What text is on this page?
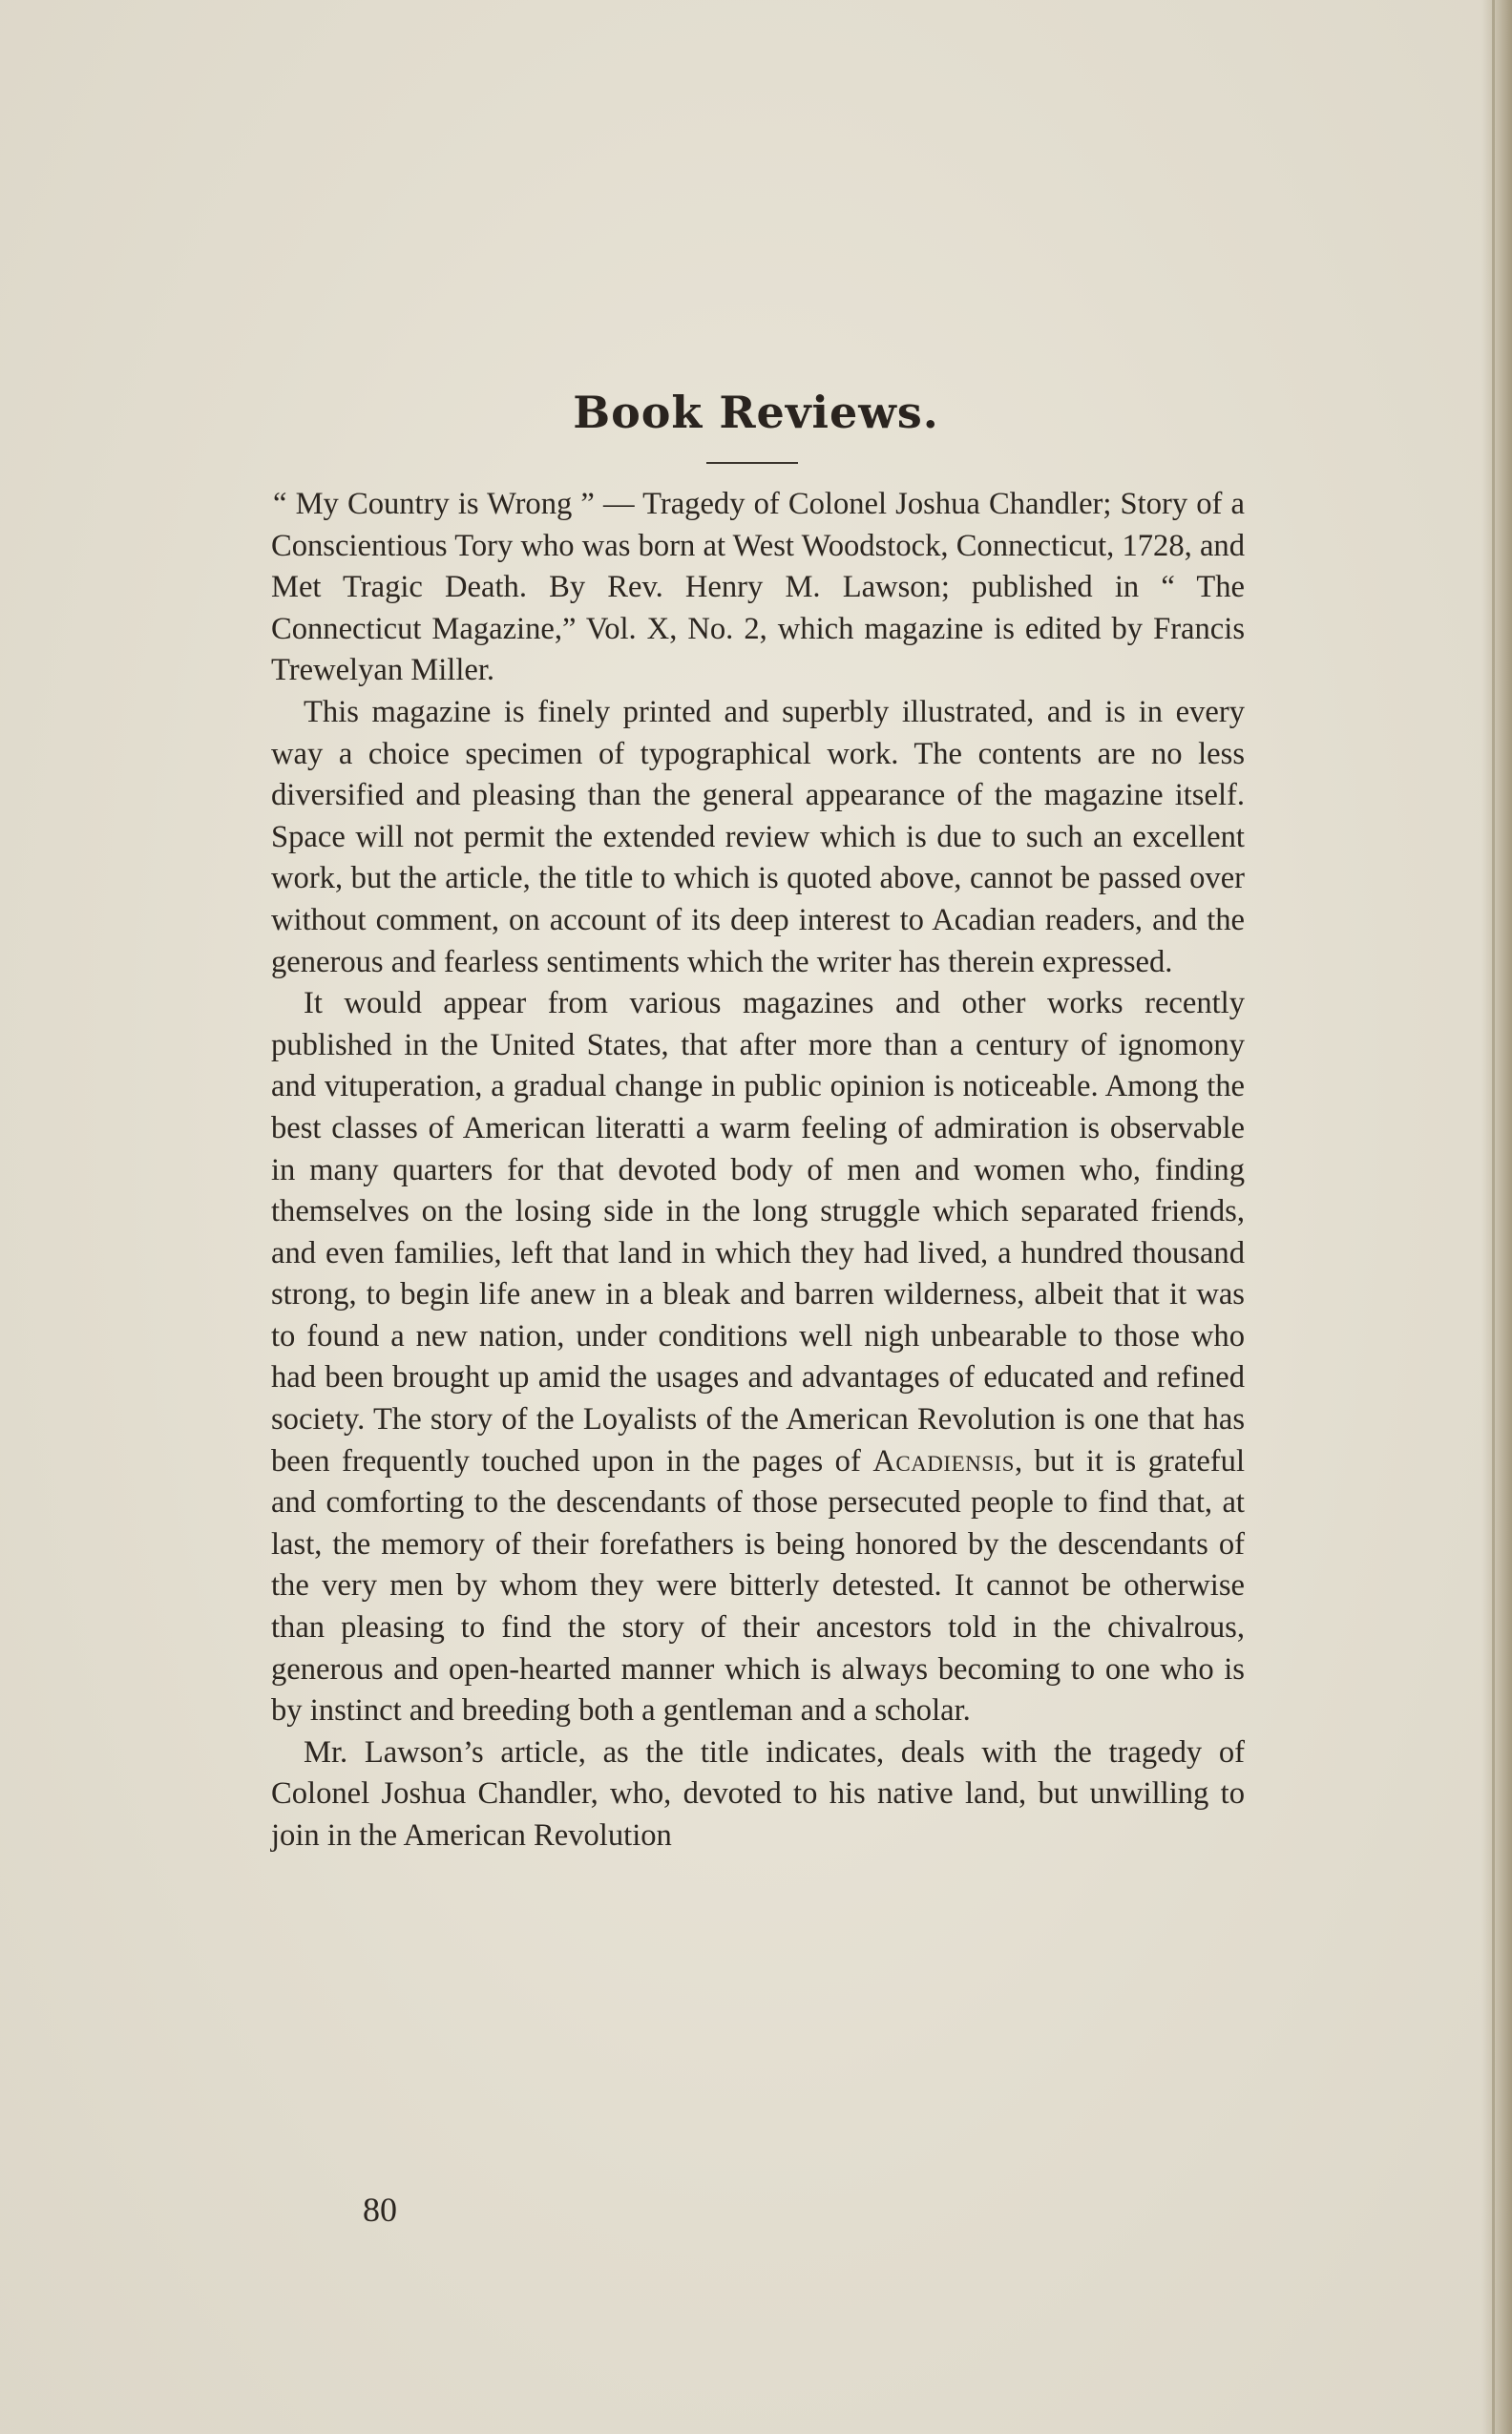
Book Reviews.

“ My Country is Wrong ” — Tragedy of Colonel Joshua Chandler; Story of a Conscientious Tory who was born at West Woodstock, Connecticut, 1728, and Met Tragic Death. By Rev. Henry M. Lawson; published in “ The Connecticut Magazine,” Vol. X, No. 2, which magazine is edited by Francis Trewelyan Miller.

This magazine is finely printed and superbly illustrated, and is in every way a choice specimen of typographical work. The contents are no less diversified and pleasing than the general appearance of the magazine itself. Space will not permit the extended review which is due to such an excellent work, but the article, the title to which is quoted above, cannot be passed over without comment, on account of its deep interest to Acadian readers, and the generous and fearless sentiments which the writer has therein expressed.

It would appear from various magazines and other works recently published in the United States, that after more than a century of ignomony and vituperation, a gradual change in public opinion is noticeable. Among the best classes of American literatti a warm feeling of admiration is observable in many quarters for that devoted body of men and women who, finding themselves on the losing side in the long struggle which separated friends, and even families, left that land in which they had lived, a hundred thousand strong, to begin life anew in a bleak and barren wilderness, albeit that it was to found a new nation, under conditions well nigh unbearable to those who had been brought up amid the usages and advantages of educated and refined society. The story of the Loyalists of the American Revolution is one that has been frequently touched upon in the pages of Acadiensis, but it is grateful and comforting to the descendants of those persecuted people to find that, at last, the memory of their forefathers is being honored by the descendants of the very men by whom they were bitterly detested. It cannot be otherwise than pleasing to find the story of their ancestors told in the chivalrous, generous and open-hearted manner which is always becoming to one who is by instinct and breeding both a gentleman and a scholar.

Mr. Lawson’s article, as the title indicates, deals with the tragedy of Colonel Joshua Chandler, who, devoted to his native land, but unwilling to join in the American Revolution

80
